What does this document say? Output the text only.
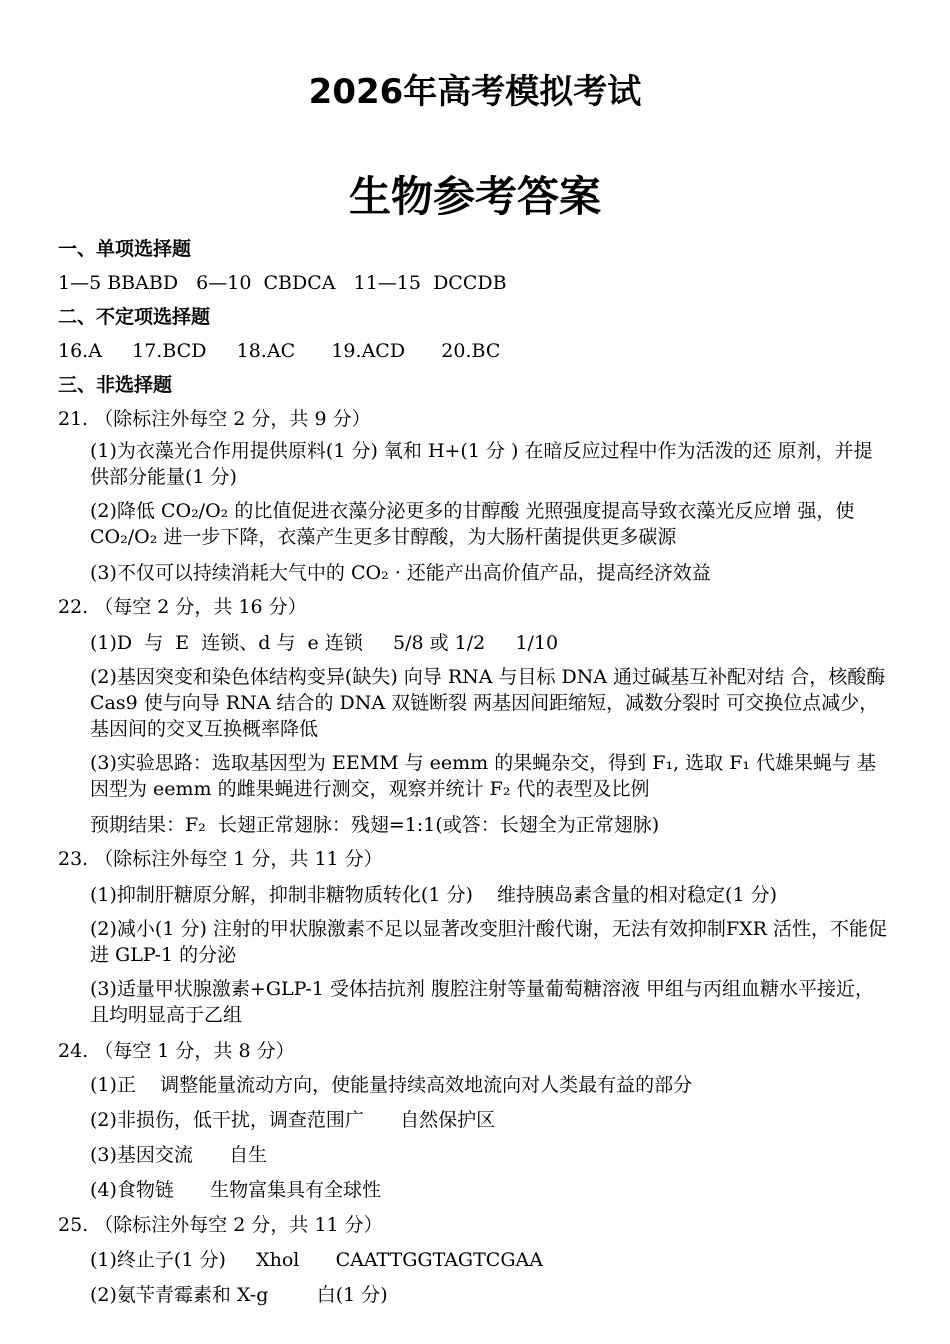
2026年高考模拟考试
生物参考答案
一、单项选择题
1—5 BBABD   6—10  CBDCA   11—15  DCCDB
二、不定项选择题
16.A     17.BCD     18.AC      19.ACD      20.BC
三、非选择题
21. （除标注外每空 2 分，共 9 分）
(1)为衣藻光合作用提供原料(1 分) 氧和 H+(1 分 ) 在暗反应过程中作为活泼的还 原剂，并提供部分能量(1 分)
(2)降低 CO₂/O₂ 的比值促进衣藻分泌更多的甘醇酸 光照强度提高导致衣藻光反应增 强，使 CO₂/O₂ 进一步下降，衣藻产生更多甘醇酸，为大肠杆菌提供更多碳源
(3)不仅可以持续消耗大气中的 CO₂ · 还能产出高价值产品，提高经济效益
22. （每空 2 分，共 16 分）
(1)D  与  E  连锁、d 与  e 连锁     5/8 或 1/2     1/10
(2)基因突变和染色体结构变异(缺失) 向导 RNA 与目标 DNA 通过碱基互补配对结 合，核酸酶 Cas9 使与向导 RNA 结合的 DNA 双链断裂 两基因间距缩短，减数分裂时 可交换位点减少，基因间的交叉互换概率降低
(3)实验思路：选取基因型为 EEMM 与 eemm 的果蝇杂交，得到 F₁, 选取 F₁ 代雄果蝇与 基因型为 eemm 的雌果蝇进行测交，观察并统计 F₂ 代的表型及比例
预期结果：F₂  长翅正常翅脉：残翅=1:1(或答：长翅全为正常翅脉)
23. （除标注外每空 1 分，共 11 分）
(1)抑制肝糖原分解，抑制非糖物质转化(1 分)    维持胰岛素含量的相对稳定(1 分)
(2)减小(1 分) 注射的甲状腺激素不足以显著改变胆汁酸代谢，无法有效抑制FXR 活性，不能促进 GLP-1 的分泌
(3)适量甲状腺激素+GLP-1 受体拮抗剂 腹腔注射等量葡萄糖溶液 甲组与丙组血糖水平接近，且均明显高于乙组
24. （每空 1 分，共 8 分）
(1)正    调整能量流动方向，使能量持续高效地流向对人类最有益的部分
(2)非损伤，低干扰，调查范围广      自然保护区
(3)基因交流      自生
(4)食物链      生物富集具有全球性
25. （除标注外每空 2 分，共 11 分）
(1)终止子(1 分)     Xhol      CAATTGGTAGTCGAA
(2)氨苄青霉素和 X-g        白(1 分)
